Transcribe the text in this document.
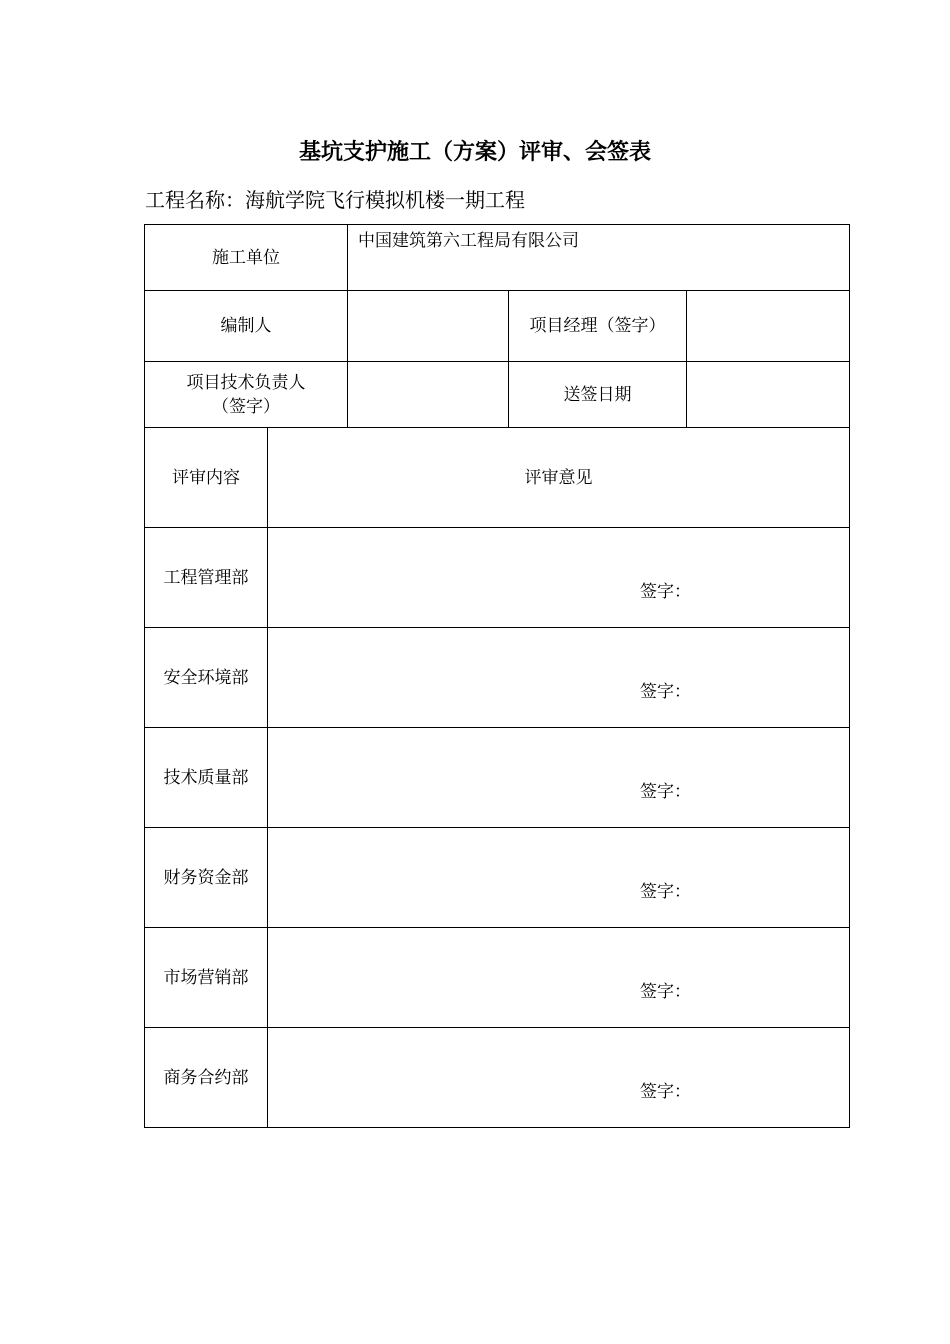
基坑支护施工（方案）评审、会签表
工程名称：海航学院飞行模拟机楼一期工程
施工单位		中国建筑第六工程局有限公司		
编制人			项目经理（签字）	
项目技术负责人
（签字）			送签日期	
评审内容	评审意见			
工程管理部	签字：			

安全环境部	签字：			

技术质量部	签字：			

财务资金部	签字：			

市场营销部	签字：			

商务合约部	签字：			
